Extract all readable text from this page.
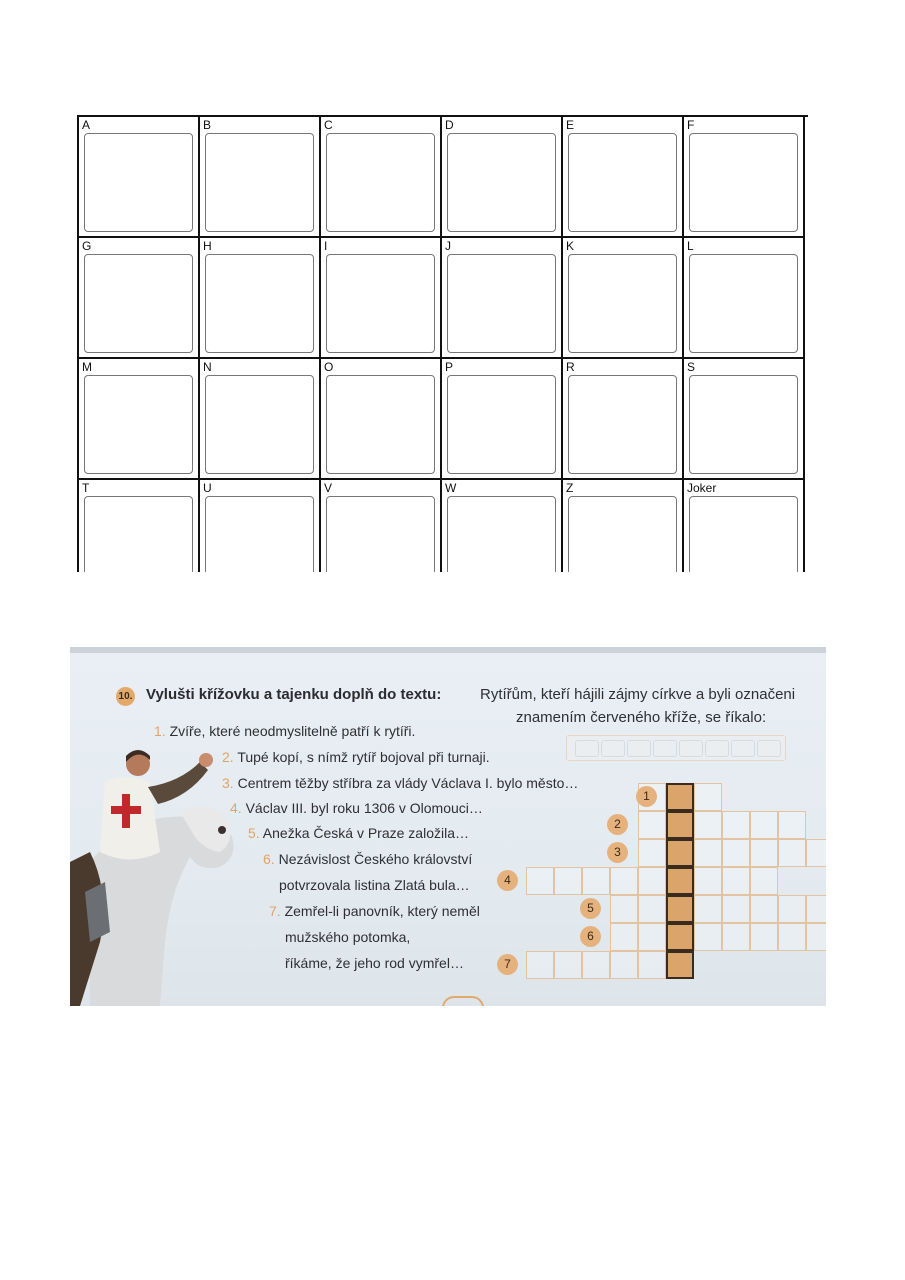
A	B	C	D	E	F
G	H	I	J	K	L
M	N	O	P	R	S
T	U	V	W	Z	Joker
10. Vylušti křížovku a tajenku doplň do textu:	Rytířům, kteří hájili zájmy církve a byli označeni
znamením červeného kříže, se říkalo:
1. Zvíře, které neodmyslitelně patří k rytíři.
2. Tupé kopí, s nímž rytíř bojoval při turnaji.
3. Centrem těžby stříbra za vlády Václava I. bylo město…
4. Václav III. byl roku 1306 v Olomouci…
5. Anežka Česká v Praze založila…
6. Nezávislost Českého království
potvrzovala listina Zlatá bula…
7. Zemřel-li panovník, který neměl
mužského potomka,
říkáme, že jeho rod vymřel…
1
2
3
4
5
6
7
